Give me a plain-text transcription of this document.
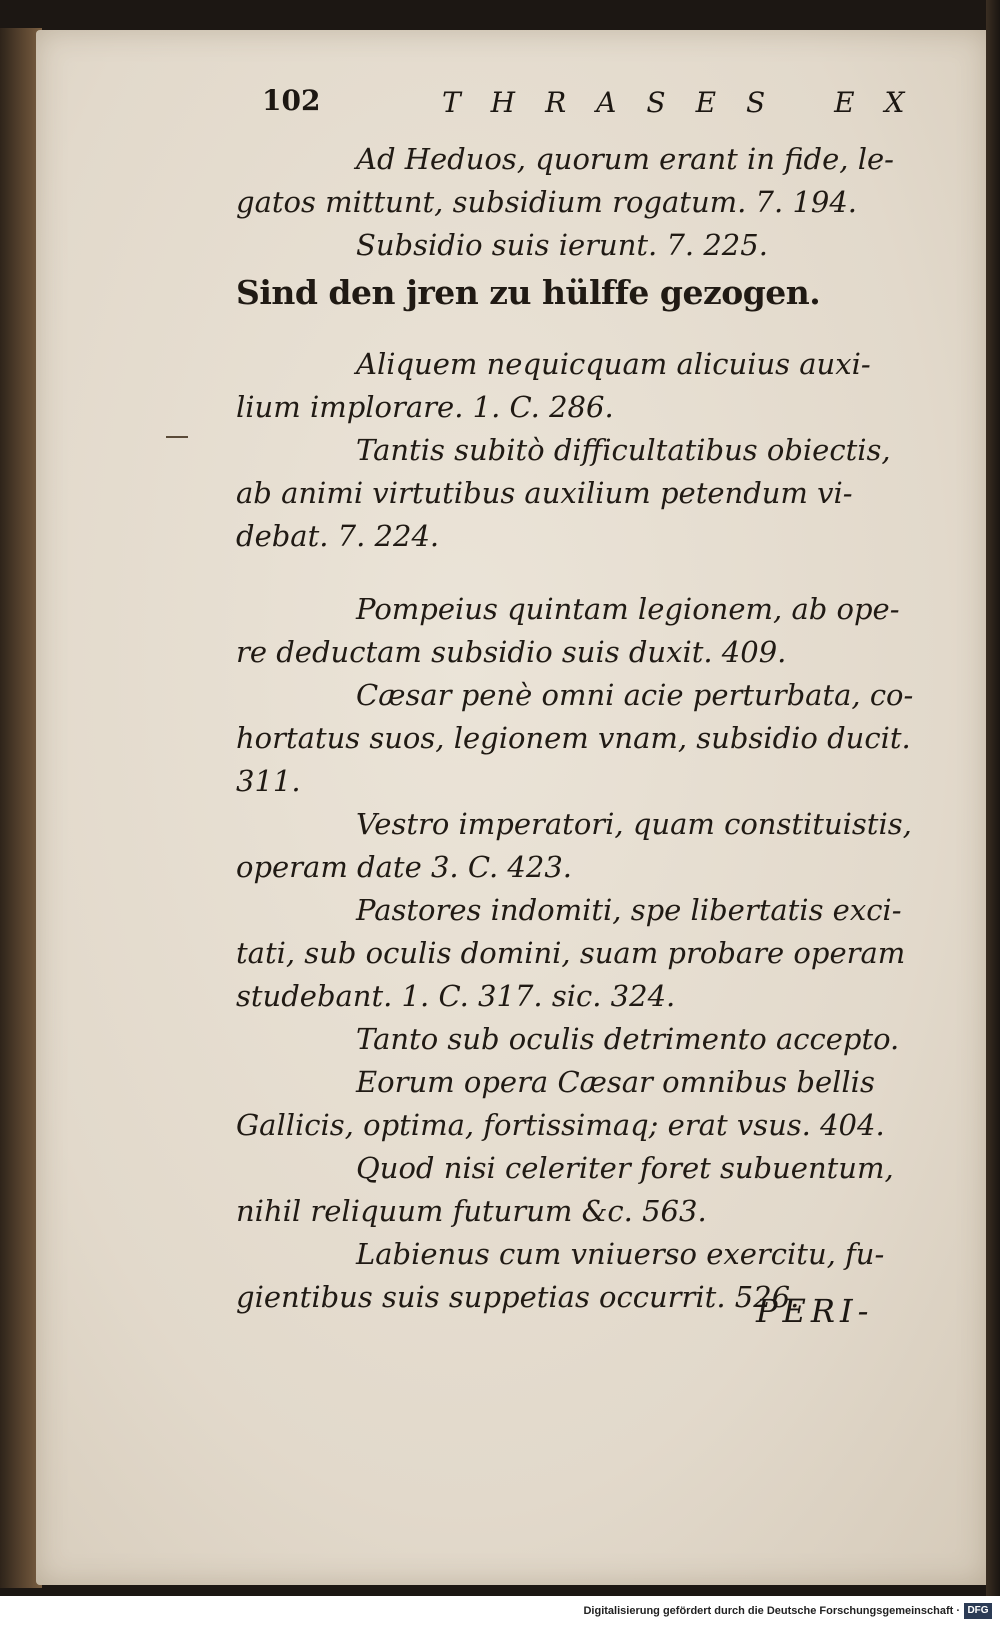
102	THRASES EX
Ad Heduos, quorum erant in fide, le-
gatos mittunt, subsidium rogatum. 7. 194.
Subsidio suis ierunt. 7. 225.
Sind den jren zu hülffe gezogen.
Aliquem nequicquam alicuius auxi-
lium implorare. 1. C. 286.
Tantis subitò difficultatibus obiectis,
ab animi virtutibus auxilium petendum vi-
debat. 7. 224.
Pompeius quintam legionem, ab ope-
re deductam subsidio suis duxit. 409.
Cæsar penè omni acie perturbata, co-
hortatus suos, legionem vnam, subsidio ducit.
311.
Vestro imperatori, quam constituistis,
operam date 3. C. 423.
Pastores indomiti, spe libertatis exci-
tati, sub oculis domini, suam probare operam
studebant. 1. C. 317. sic. 324.
Tanto sub oculis detrimento accepto.
Eorum opera Cæsar omnibus bellis
Gallicis, optima, fortissimaq; erat vsus. 404.
Quod nisi celeriter foret subuentum,
nihil reliquum futurum &c. 563.
Labienus cum vniuerso exercitu, fu-
gientibus suis suppetias occurrit. 526.
PERI-
Digitalisierung gefördert durch die Deutsche Forschungsgemeinschaft · DFG
